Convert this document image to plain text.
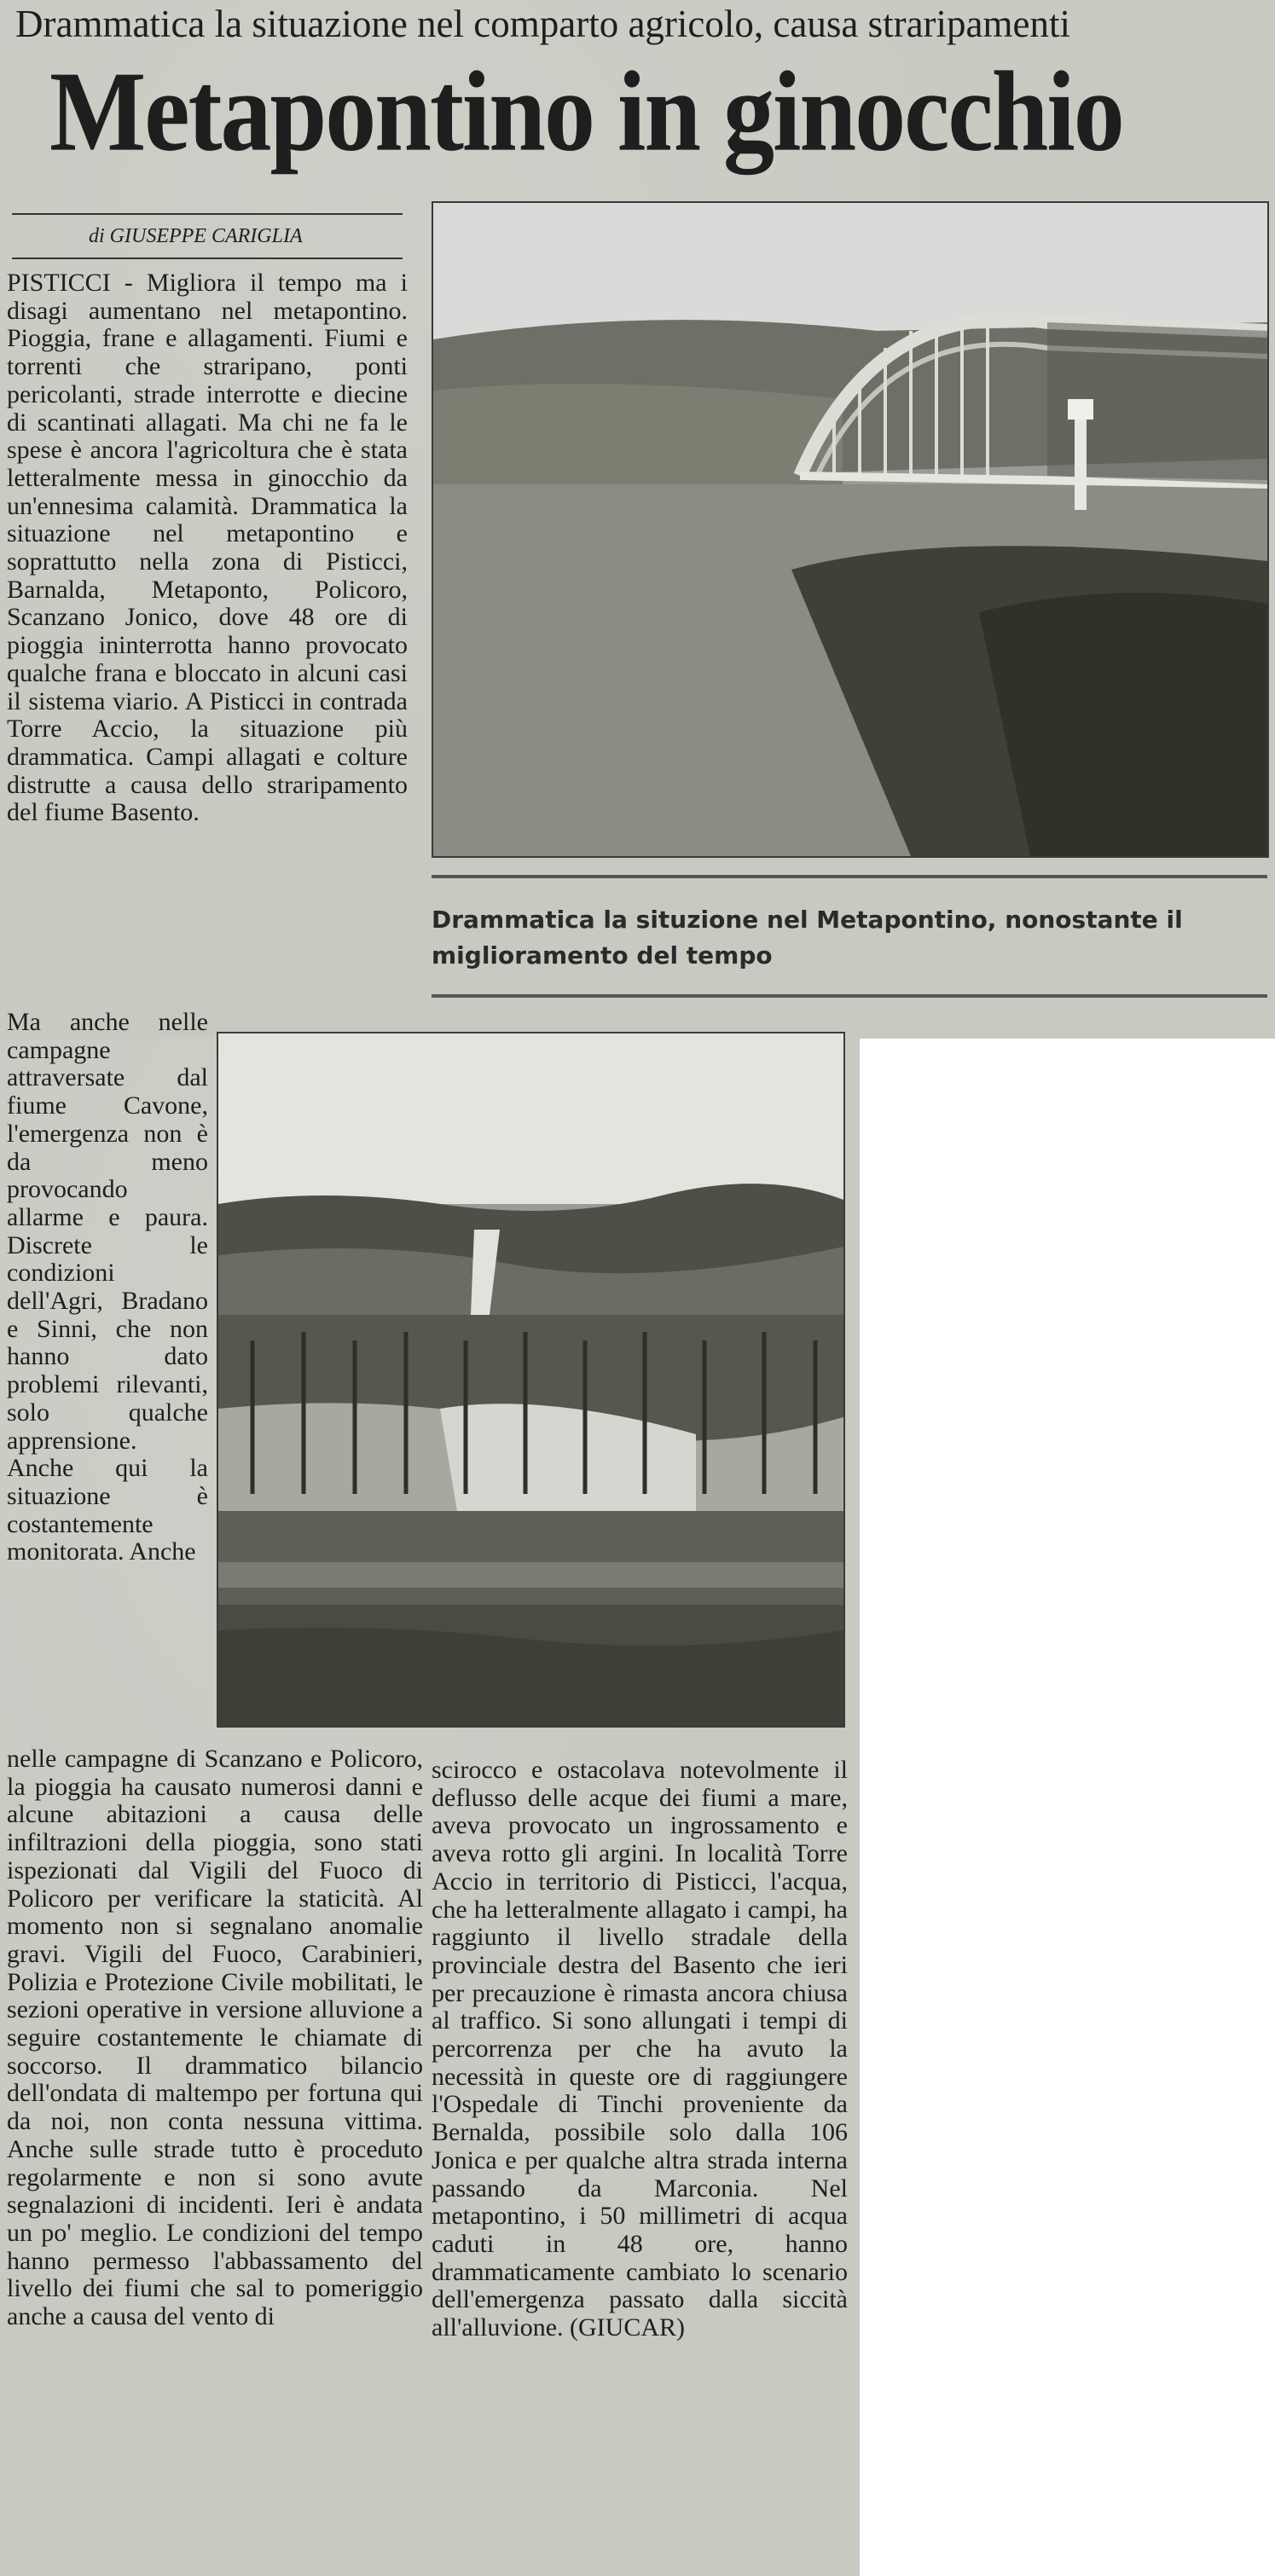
Drammatica la situazione nel comparto agricolo, causa straripamenti
Metapontino in ginocchio
di GIUSEPPE CARIGLIA

PISTICCI - Migliora il tempo ma i disagi aumentano nel metapontino. Pioggia, frane e allagamenti. Fiumi e torrenti che straripano, ponti pericolanti, strade interrotte e diecine di scantinati allagati. Ma chi ne fa le spese è ancora l'agricoltura che è stata letteralmente messa in ginocchio da un'ennesima calamità. Drammatica la situazione nel metapontino e soprattutto nella zona di Pisticci, Barnalda, Metaponto, Policoro, Scanzano Jonico, dove 48 ore di pioggia ininterrotta hanno provocato qualche frana e bloccato in alcuni casi il sistema viario. A Pisticci in contrada Torre Accio, la situazione più drammatica. Campi allagati e colture distrutte a causa dello straripamento del fiume Basento.

Drammatica la situzione nel Metapontino, nonostante il miglioramento del tempo

Ma anche nelle campagne attraversate dal fiume Cavone, l'emergenza non è da meno provocando allarme e paura. Discrete le condizioni dell'Agri, Bradano e Sinni, che non hanno dato problemi rilevanti, solo qualche apprensione. Anche qui la situazione è costantemente monitorata. Anche

nelle campagne di Scanzano e Policoro, la pioggia ha causato numerosi danni e alcune abitazioni a causa delle infiltrazioni della pioggia, sono stati ispezionati dal Vigili del Fuoco di Policoro per verificare la staticità. Al momento non si segnalano anomalie gravi. Vigili del Fuoco, Carabinieri, Polizia e Protezione Civile mobilitati, le sezioni operative in versione alluvione a seguire costantemente le chiamate di soccorso. Il drammatico bilancio dell'ondata di maltempo per fortuna qui da noi, non conta nessuna vittima. Anche sulle strade tutto è proceduto regolarmente e non si sono avute segnalazioni di incidenti. Ieri è andata un po' meglio. Le condizioni del tempo hanno permesso l'abbassamento del livello dei fiumi che sal to pomeriggio anche a causa del vento di

scirocco e ostacolava notevolmente il deflusso delle acque dei fiumi a mare, aveva provocato un ingrossamento e aveva rotto gli argini. In località Torre Accio in territorio di Pisticci, l'acqua, che ha letteralmente allagato i campi, ha raggiunto il livello stradale della provinciale destra del Basento che ieri per precauzione è rimasta ancora chiusa al traffico. Si sono allungati i tempi di percorrenza per che ha avuto la necessità in queste ore di raggiungere l'Ospedale di Tinchi proveniente da Bernalda, possibile solo dalla 106 Jonica e per qualche altra strada interna passando da Marconia. Nel metapontino, i 50 millimetri di acqua caduti in 48 ore, hanno drammaticamente cambiato lo scenario dell'emergenza passato dalla siccità all'alluvione. (GIUCAR)
